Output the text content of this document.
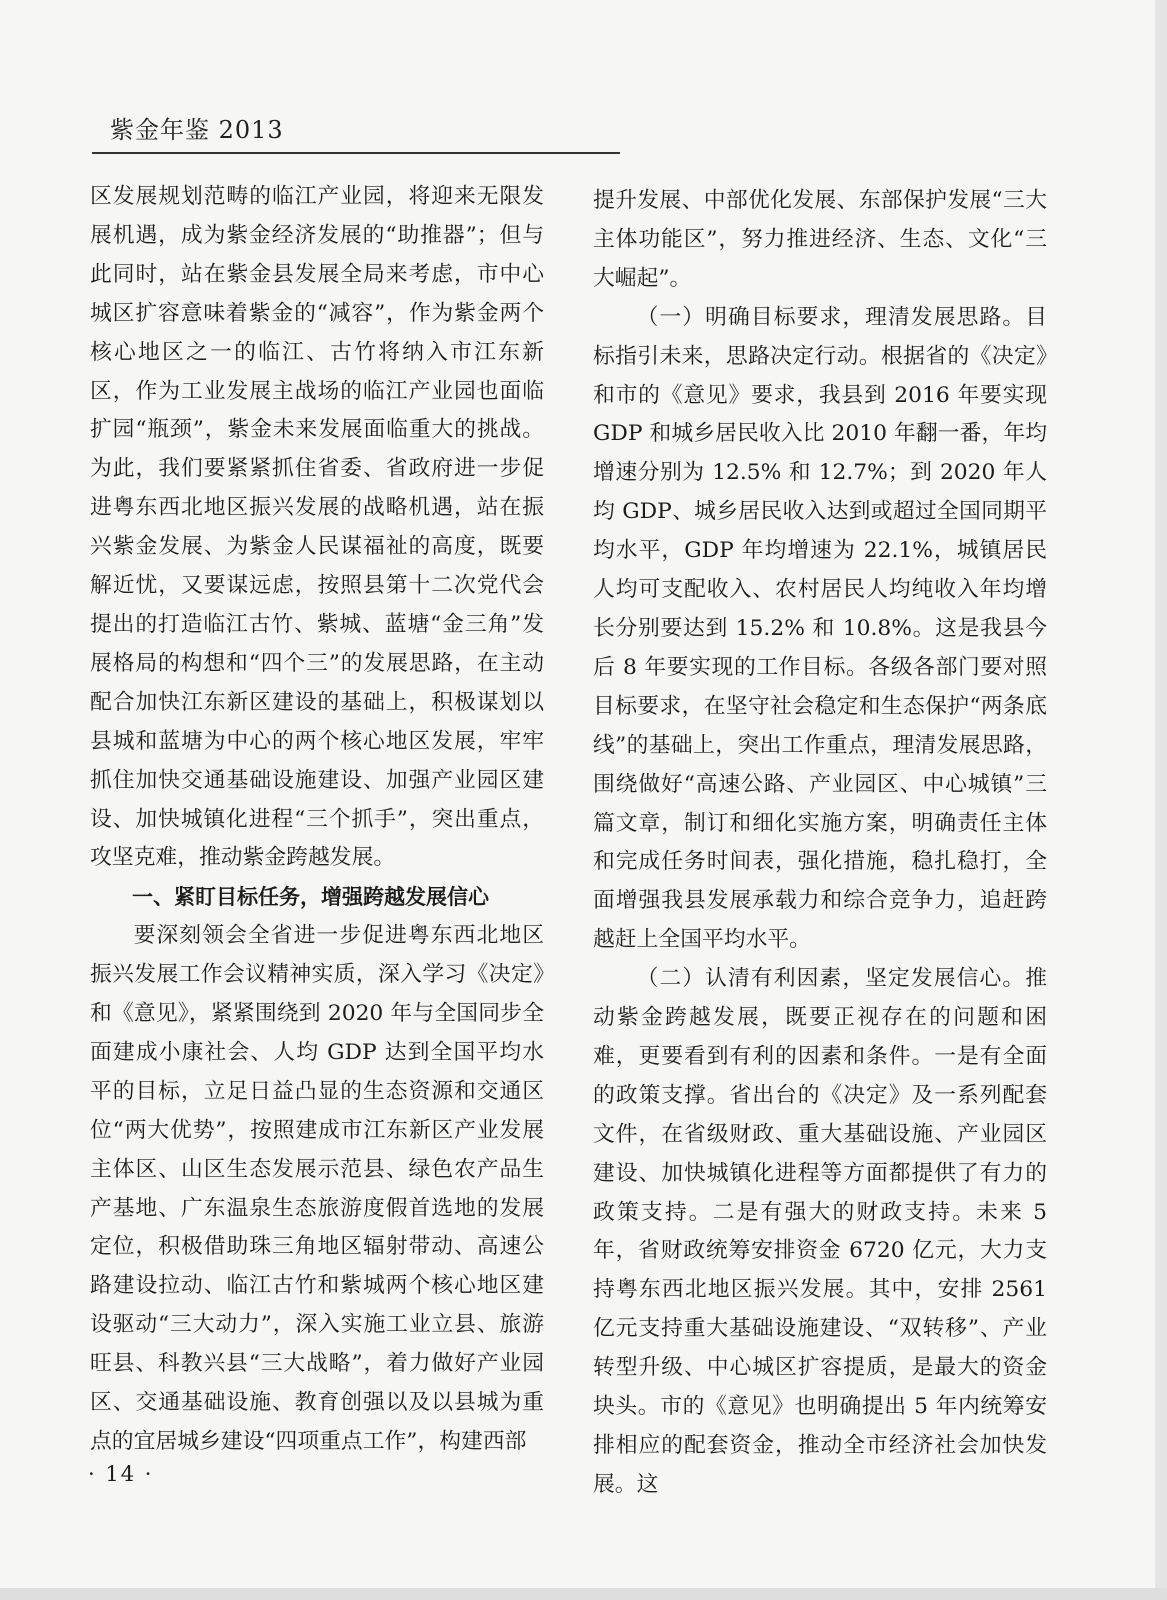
紫金年鉴 2013

区发展规划范畴的临江产业园，将迎来无限发展机遇，成为紫金经济发展的“助推器”；但与此同时，站在紫金县发展全局来考虑，市中心城区扩容意味着紫金的“减容”，作为紫金两个核心地区之一的临江、古竹将纳入市江东新区，作为工业发展主战场的临江产业园也面临扩园“瓶颈”，紫金未来发展面临重大的挑战。为此，我们要紧紧抓住省委、省政府进一步促进粤东西北地区振兴发展的战略机遇，站在振兴紫金发展、为紫金人民谋福祉的高度，既要解近忧，又要谋远虑，按照县第十二次党代会提出的打造临江古竹、紫城、蓝塘“金三角”发展格局的构想和“四个三”的发展思路，在主动配合加快江东新区建设的基础上，积极谋划以县城和蓝塘为中心的两个核心地区发展，牢牢抓住加快交通基础设施建设、加强产业园区建设、加快城镇化进程“三个抓手”，突出重点，攻坚克难，推动紫金跨越发展。

一、紧盯目标任务，增强跨越发展信心

要深刻领会全省进一步促进粤东西北地区振兴发展工作会议精神实质，深入学习《决定》和《意见》，紧紧围绕到 2020 年与全国同步全面建成小康社会、人均 GDP 达到全国平均水平的目标，立足日益凸显的生态资源和交通区位“两大优势”，按照建成市江东新区产业发展主体区、山区生态发展示范县、绿色农产品生产基地、广东温泉生态旅游度假首选地的发展定位，积极借助珠三角地区辐射带动、高速公路建设拉动、临江古竹和紫城两个核心地区建设驱动“三大动力”，深入实施工业立县、旅游旺县、科教兴县“三大战略”，着力做好产业园区、交通基础设施、教育创强以及以县城为重点的宜居城乡建设“四项重点工作”，构建西部

提升发展、中部优化发展、东部保护发展“三大主体功能区”，努力推进经济、生态、文化“三大崛起”。

（一）明确目标要求，理清发展思路。目标指引未来，思路决定行动。根据省的《决定》和市的《意见》要求，我县到 2016 年要实现 GDP 和城乡居民收入比 2010 年翻一番，年均增速分别为 12.5% 和 12.7%；到 2020 年人均 GDP、城乡居民收入达到或超过全国同期平均水平，GDP 年均增速为 22.1%，城镇居民人均可支配收入、农村居民人均纯收入年均增长分别要达到 15.2% 和 10.8%。这是我县今后 8 年要实现的工作目标。各级各部门要对照目标要求，在坚守社会稳定和生态保护“两条底线”的基础上，突出工作重点，理清发展思路，围绕做好“高速公路、产业园区、中心城镇”三篇文章，制订和细化实施方案，明确责任主体和完成任务时间表，强化措施，稳扎稳打，全面增强我县发展承载力和综合竞争力，追赶跨越赶上全国平均水平。

（二）认清有利因素，坚定发展信心。推动紫金跨越发展，既要正视存在的问题和困难，更要看到有利的因素和条件。一是有全面的政策支撑。省出台的《决定》及一系列配套文件，在省级财政、重大基础设施、产业园区建设、加快城镇化进程等方面都提供了有力的政策支持。二是有强大的财政支持。未来 5 年，省财政统筹安排资金 6720 亿元，大力支持粤东西北地区振兴发展。其中，安排 2561 亿元支持重大基础设施建设、“双转移”、产业转型升级、中心城区扩容提质，是最大的资金块头。市的《意见》也明确提出 5 年内统筹安排相应的配套资金，推动全市经济社会加快发展。这

· 14 ·
